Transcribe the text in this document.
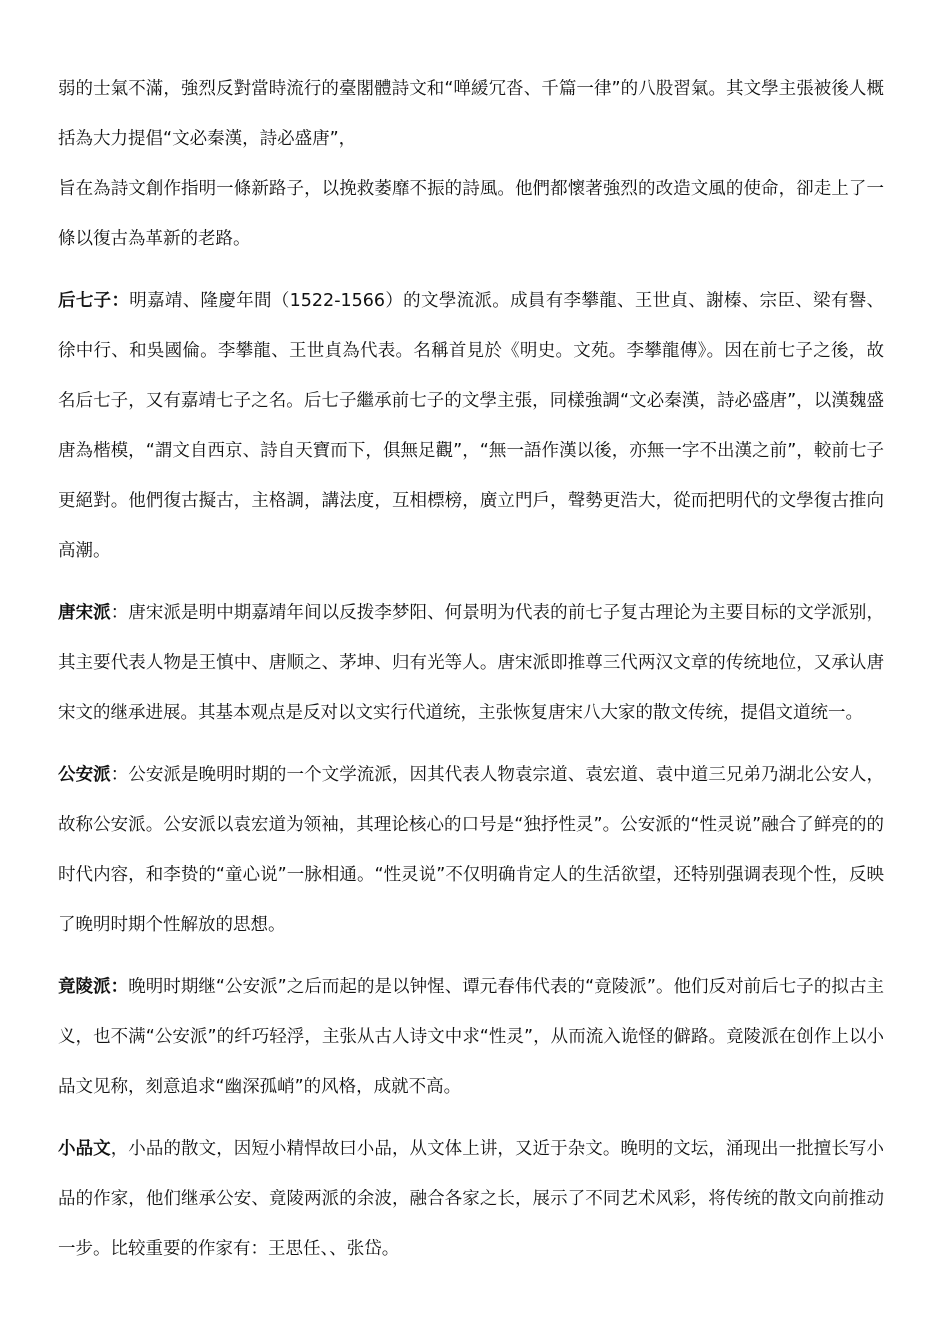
弱的士氣不滿，強烈反對當時流行的臺閣體詩文和“啴緩冗沓、千篇一律”的八股習氣。其文學主張被後人概括為大力提倡“文必秦漢，詩必盛唐”，

旨在為詩文創作指明一條新路子，以挽救萎靡不振的詩風。他們都懷著強烈的改造文風的使命，卻走上了一條以復古為革新的老路。

后七子：明嘉靖、隆慶年間（1522-1566）的文學流派。成員有李攀龍、王世貞、謝榛、宗臣、梁有譽、徐中行、和吳國倫。李攀龍、王世貞為代表。名稱首見於《明史。文苑。李攀龍傳》。因在前七子之後，故名后七子，又有嘉靖七子之名。后七子繼承前七子的文學主張，同樣強調“文必秦漢，詩必盛唐”，以漢魏盛唐為楷模，“謂文自西京、詩自天寶而下，俱無足觀”，“無一語作漢以後，亦無一字不出漢之前”，較前七子更絕對。他們復古擬古，主格調，講法度，互相標榜，廣立門戶，聲勢更浩大，從而把明代的文學復古推向高潮。

唐宋派：唐宋派是明中期嘉靖年间以反拨李梦阳、何景明为代表的前七子复古理论为主要目标的文学派别，其主要代表人物是王慎中、唐顺之、茅坤、归有光等人。唐宋派即推尊三代两汉文章的传统地位，又承认唐宋文的继承进展。其基本观点是反对以文实行代道统，主张恢复唐宋八大家的散文传统，提倡文道统一。

公安派：公安派是晚明时期的一个文学流派，因其代表人物袁宗道、袁宏道、袁中道三兄弟乃湖北公安人，故称公安派。公安派以袁宏道为领袖，其理论核心的口号是“独抒性灵”。公安派的“性灵说”融合了鲜亮的的时代内容，和李贽的“童心说”一脉相通。“性灵说”不仅明确肯定人的生活欲望，还特别强调表现个性，反映了晚明时期个性解放的思想。

竟陵派：晚明时期继“公安派”之后而起的是以钟惺、谭元春伟代表的“竟陵派”。他们反对前后七子的拟古主义，也不满“公安派”的纤巧轻浮，主张从古人诗文中求“性灵”，从而流入诡怪的僻路。竟陵派在创作上以小品文见称，刻意追求“幽深孤峭”的风格，成就不高。

小品文，小品的散文，因短小精悍故曰小品，从文体上讲，又近于杂文。晚明的文坛，涌现出一批擅长写小品的作家，他们继承公安、竟陵两派的余波，融合各家之长，展示了不同艺术风彩，将传统的散文向前推动一步。比较重要的作家有：王思任、、张岱。
